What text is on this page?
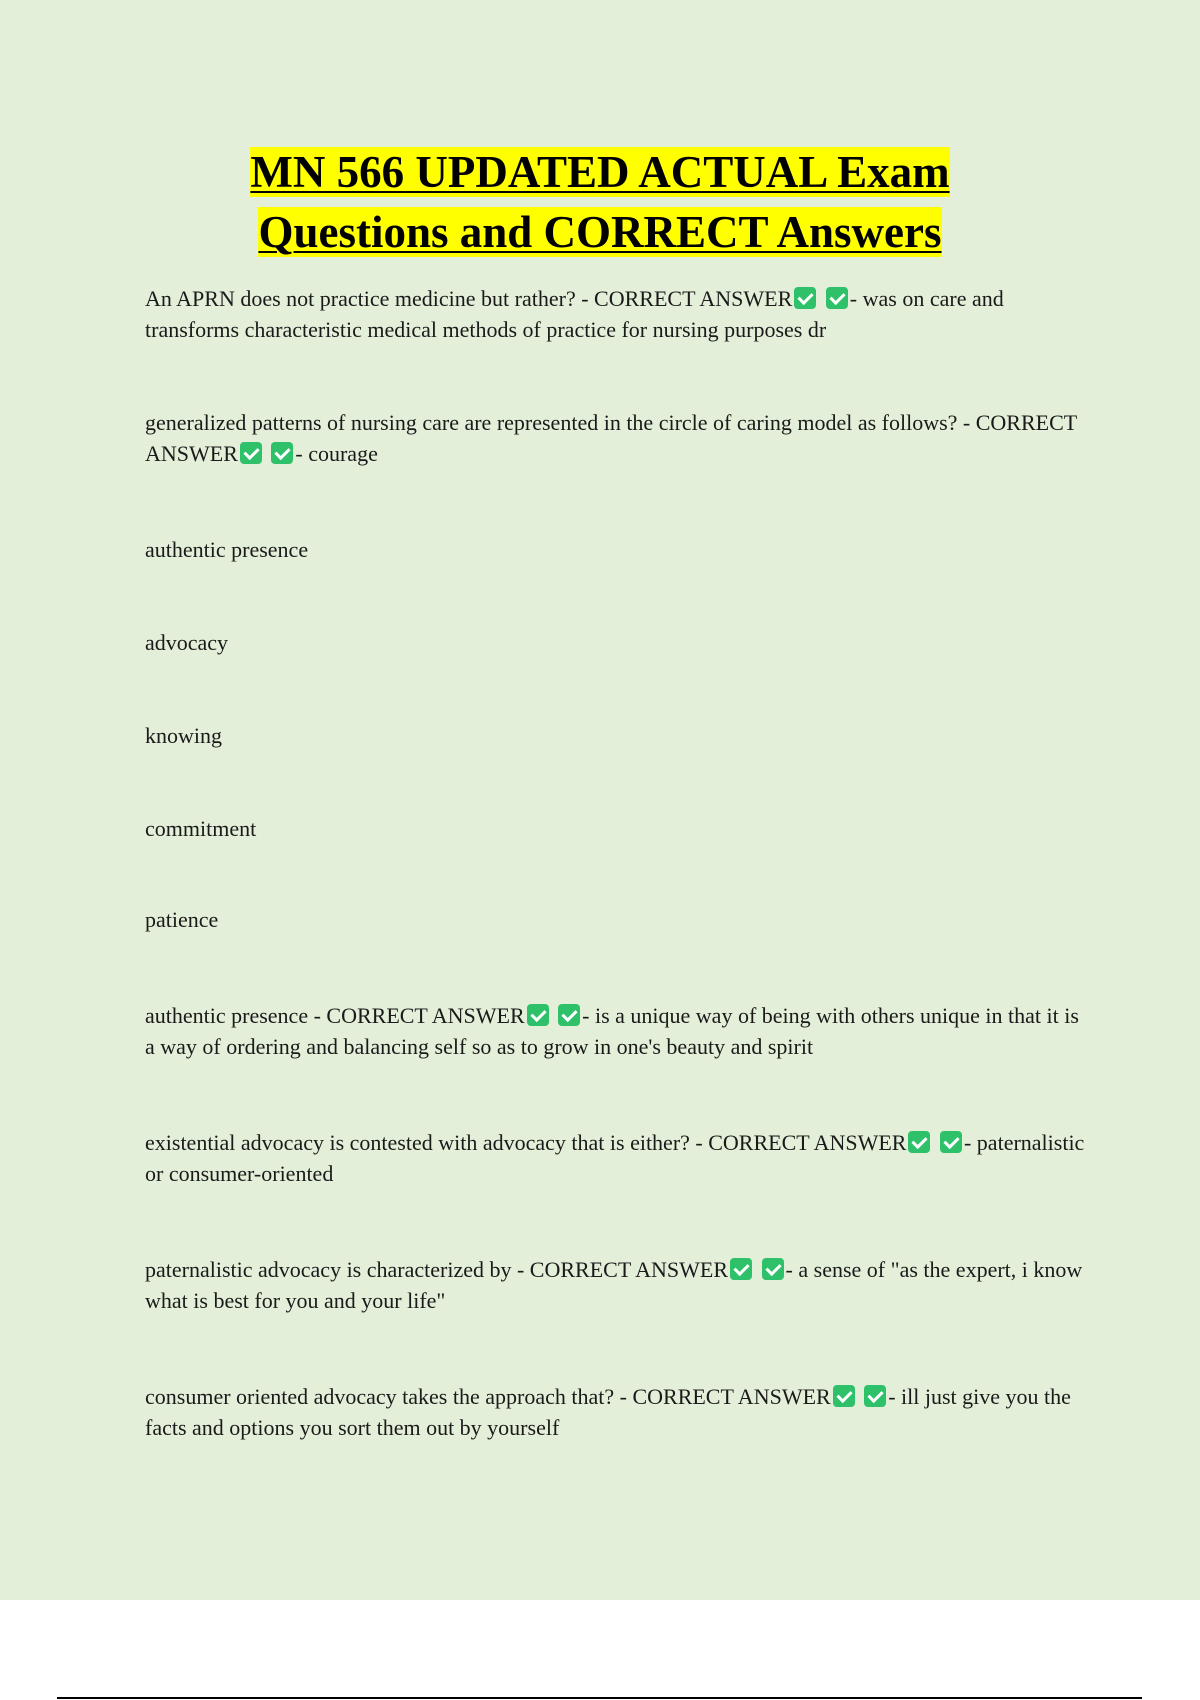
MN 566 UPDATED ACTUAL Exam
Questions and CORRECT Answers

An APRN does not practice medicine but rather? - CORRECT ANSWER	- was on care and transforms characteristic medical methods of practice for nursing purposes dr

generalized patterns of nursing care are represented in the circle of caring model as follows? - CORRECT ANSWER	- courage

authentic presence

advocacy

knowing

commitment

patience

authentic presence - CORRECT ANSWER	- is a unique way of being with others unique in that it is a way of ordering and balancing self so as to grow in one's beauty and spirit

existential advocacy is contested with advocacy that is either? - CORRECT ANSWER	- paternalistic or consumer-oriented

paternalistic advocacy is characterized by - CORRECT ANSWER	- a sense of "as the expert, i know what is best for you and your life"

consumer oriented advocacy takes the approach that? - CORRECT ANSWER	- ill just give you the facts and options you sort them out by yourself
